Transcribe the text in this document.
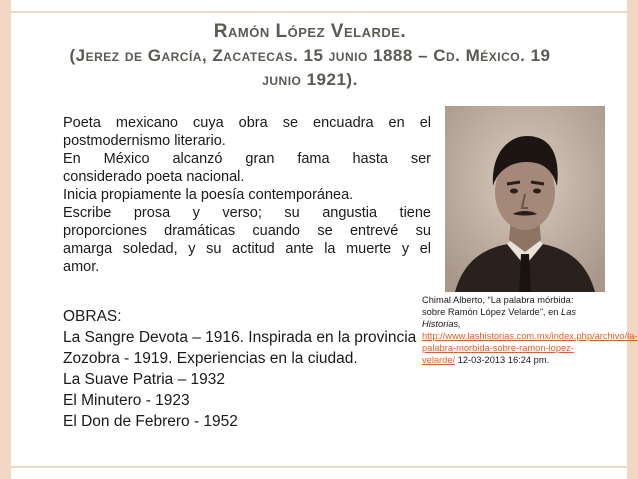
Ramón López Velarde.
(Jerez de García, Zacatecas. 15 junio 1888 – Cd. México. 19
junio 1921).

Poeta mexicano cuya obra se encuadra en el

postmodernismo literario.

En México alcanzó gran fama hasta ser

considerado poeta nacional.

Inicia propiamente la poesía contemporánea.

Escribe prosa y verso; su angustia tiene

proporciones dramáticas cuando se entrevé su

amarga soledad, y su actitud ante la muerte y el

amor.

OBRAS:
La Sangre Devota – 1916. Inspirada en la provincia
Zozobra - 1919. Experiencias en la ciudad.
La Suave Patria – 1932
El Minutero - 1923
El Don de Febrero - 1952
Chimal Alberto, “La palabra mórbida: sobre Ramón López Velarde”, en Las Historias, http://www.lashistorias.com.mx/index.php/archivo/la-palabra-morbida-sobre-ramon-lopez-velarde/ 12-03-2013 16:24 pm.
